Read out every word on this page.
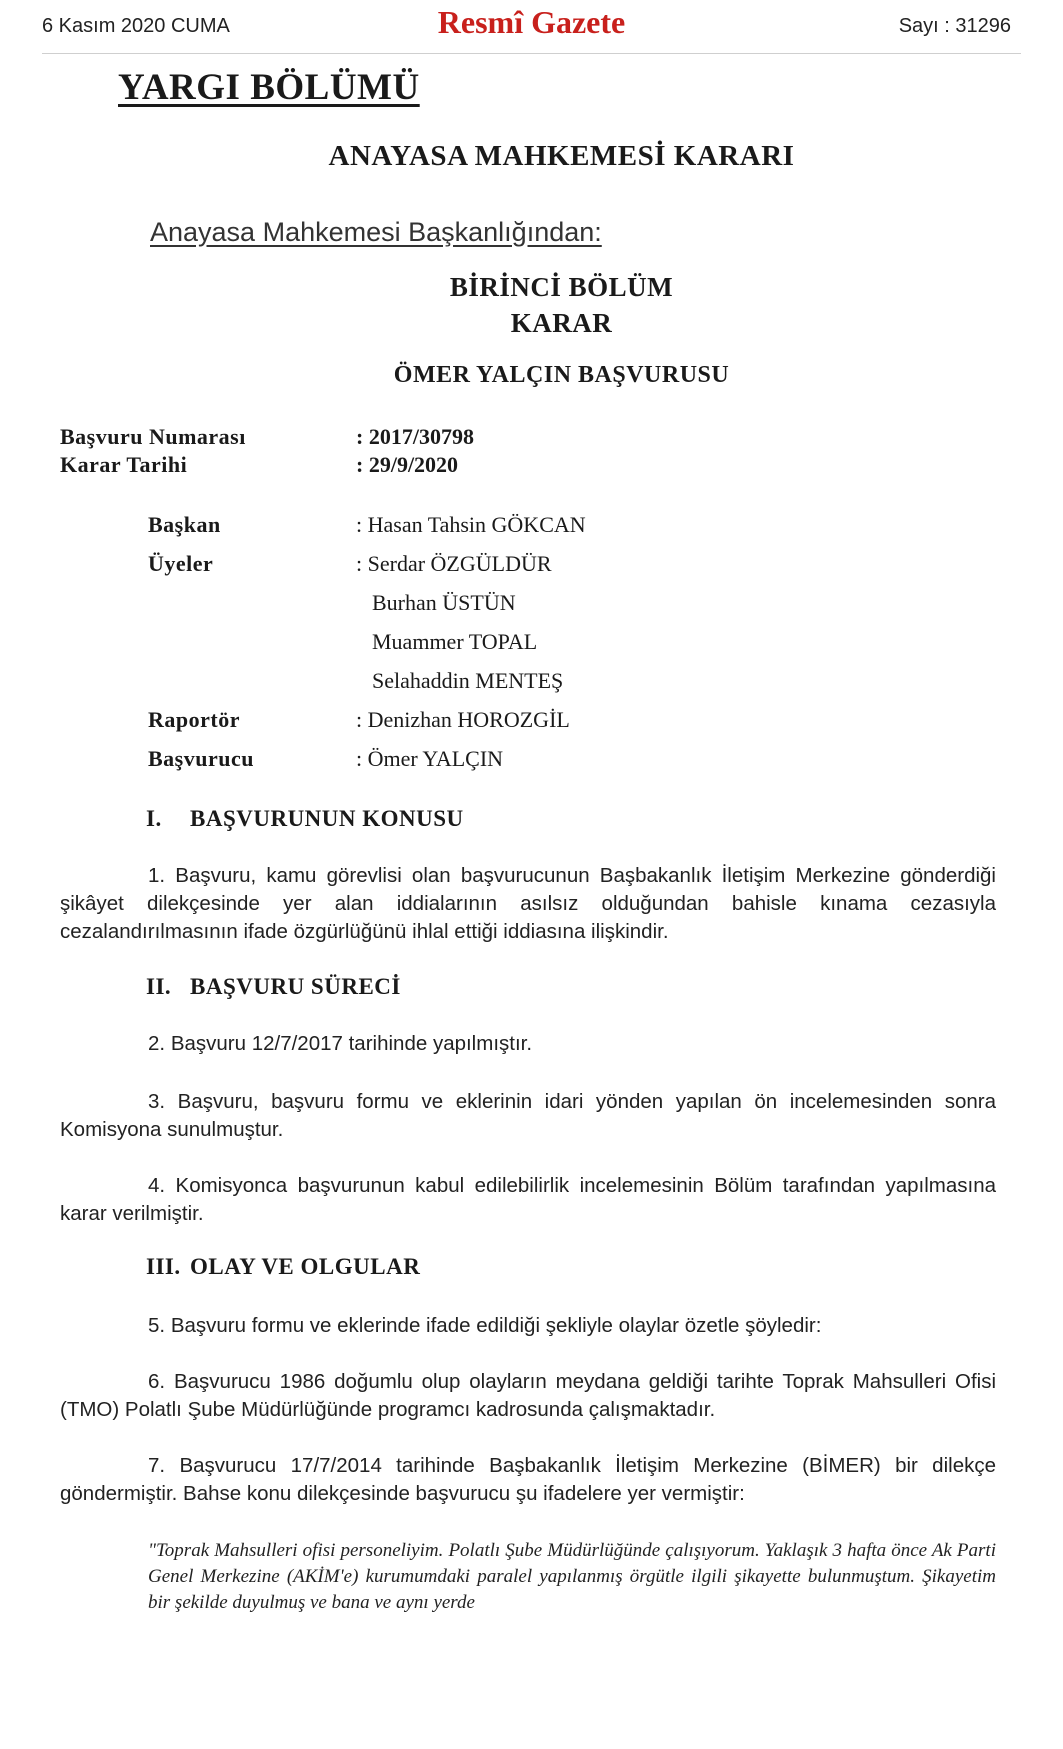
6 Kasım 2020 CUMA	Resmî Gazete	Sayı : 31296
YARGI BÖLÜMÜ
ANAYASA MAHKEMESİ KARARI
Anayasa Mahkemesi Başkanlığından:
BİRİNCİ BÖLÜM
KARAR
ÖMER YALÇIN BAŞVURUSU
Başvuru Numarası	: 2017/30798
Karar Tarihi	: 29/9/2020
Başkan	: Hasan Tahsin GÖKCAN
Üyeler	: Serdar ÖZGÜLDÜR
Burhan ÜSTÜN
Muammer TOPAL
Selahaddin MENTEŞ
Raportör	: Denizhan HOROZGİL
Başvurucu	: Ömer YALÇIN
I. BAŞVURUNUN KONUSU
1. Başvuru, kamu görevlisi olan başvurucunun Başbakanlık İletişim Merkezine gönderdiği şikâyet dilekçesinde yer alan iddialarının asılsız olduğundan bahisle kınama cezasıyla cezalandırılmasının ifade özgürlüğünü ihlal ettiği iddiasına ilişkindir.
II. BAŞVURU SÜRECİ
2. Başvuru 12/7/2017 tarihinde yapılmıştır.
3. Başvuru, başvuru formu ve eklerinin idari yönden yapılan ön incelemesinden sonra Komisyona sunulmuştur.
4. Komisyonca başvurunun kabul edilebilirlik incelemesinin Bölüm tarafından yapılmasına karar verilmiştir.
III. OLAY VE OLGULAR
5. Başvuru formu ve eklerinde ifade edildiği şekliyle olaylar özetle şöyledir:
6. Başvurucu 1986 doğumlu olup olayların meydana geldiği tarihte Toprak Mahsulleri Ofisi (TMO) Polatlı Şube Müdürlüğünde programcı kadrosunda çalışmaktadır.
7. Başvurucu 17/7/2014 tarihinde Başbakanlık İletişim Merkezine (BİMER) bir dilekçe göndermiştir. Bahse konu dilekçesinde başvurucu şu ifadelere yer vermiştir:
"Toprak Mahsulleri ofisi personeliyim. Polatlı Şube Müdürlüğünde çalışıyorum. Yaklaşık 3 hafta önce Ak Parti Genel Merkezine (AKİM'e) kurumumdaki paralel yapılanmış örgütle ilgili şikayette bulunmuştum. Şikayetim bir şekilde duyulmuş ve bana ve aynı yerde
